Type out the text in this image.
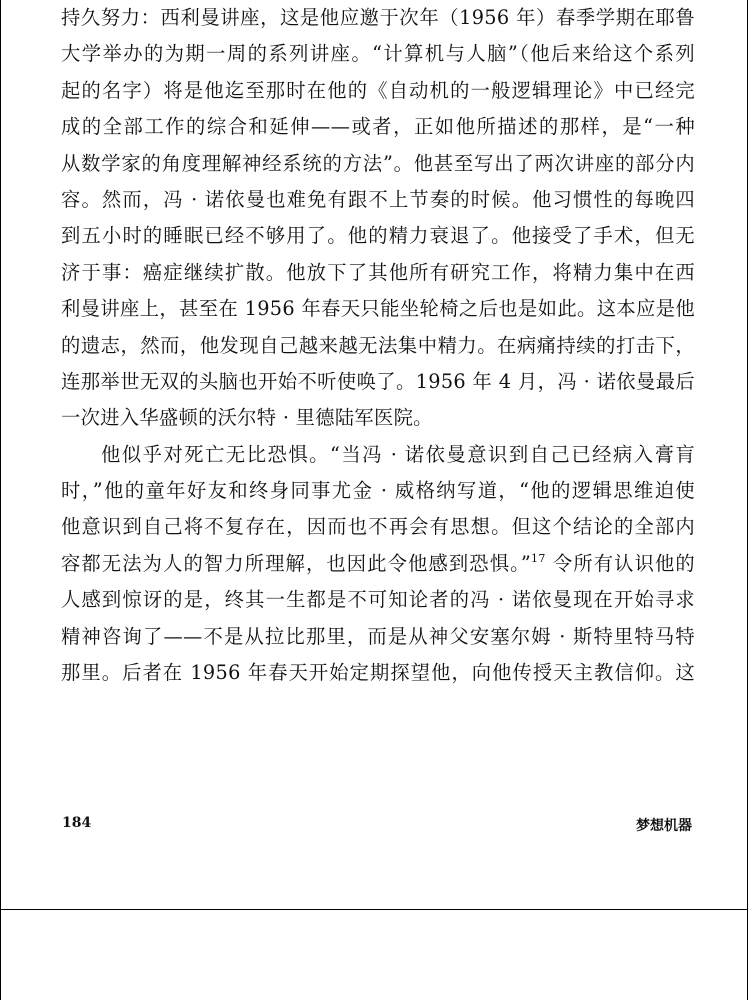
持久努力：西利曼讲座，这是他应邀于次年（1956 年）春季学期在耶鲁
大学举办的为期一周的系列讲座。“计算机与人脑”（他后来给这个系列
起的名字）将是他迄至那时在他的《自动机的一般逻辑理论》中已经完
成的全部工作的综合和延伸——或者，正如他所描述的那样，是“一种
从数学家的角度理解神经系统的方法”。他甚至写出了两次讲座的部分内
容。然而，冯 · 诺依曼也难免有跟不上节奏的时候。他习惯性的每晚四
到五小时的睡眠已经不够用了。他的精力衰退了。他接受了手术，但无
济于事：癌症继续扩散。他放下了其他所有研究工作，将精力集中在西
利曼讲座上，甚至在 1956 年春天只能坐轮椅之后也是如此。这本应是他
的遗志，然而，他发现自己越来越无法集中精力。在病痛持续的打击下，
连那举世无双的头脑也开始不听使唤了。1956 年 4 月，冯 · 诺依曼最后
一次进入华盛顿的沃尔特 · 里德陆军医院。
他似乎对死亡无比恐惧。“当冯 · 诺依曼意识到自己已经病入膏肓
时，”他的童年好友和终身同事尤金 · 威格纳写道，“他的逻辑思维迫使
他意识到自己将不复存在，因而也不再会有思想。但这个结论的全部内
容都无法为人的智力所理解，也因此令他感到恐惧。”$^{17}$ 令所有认识他的
人感到惊讶的是，终其一生都是不可知论者的冯 · 诺依曼现在开始寻求
精神咨询了——不是从拉比那里，而是从神父安塞尔姆 · 斯特里特马特
那里。后者在 1956 年春天开始定期探望他，向他传授天主教信仰。这
184	梦想机器
